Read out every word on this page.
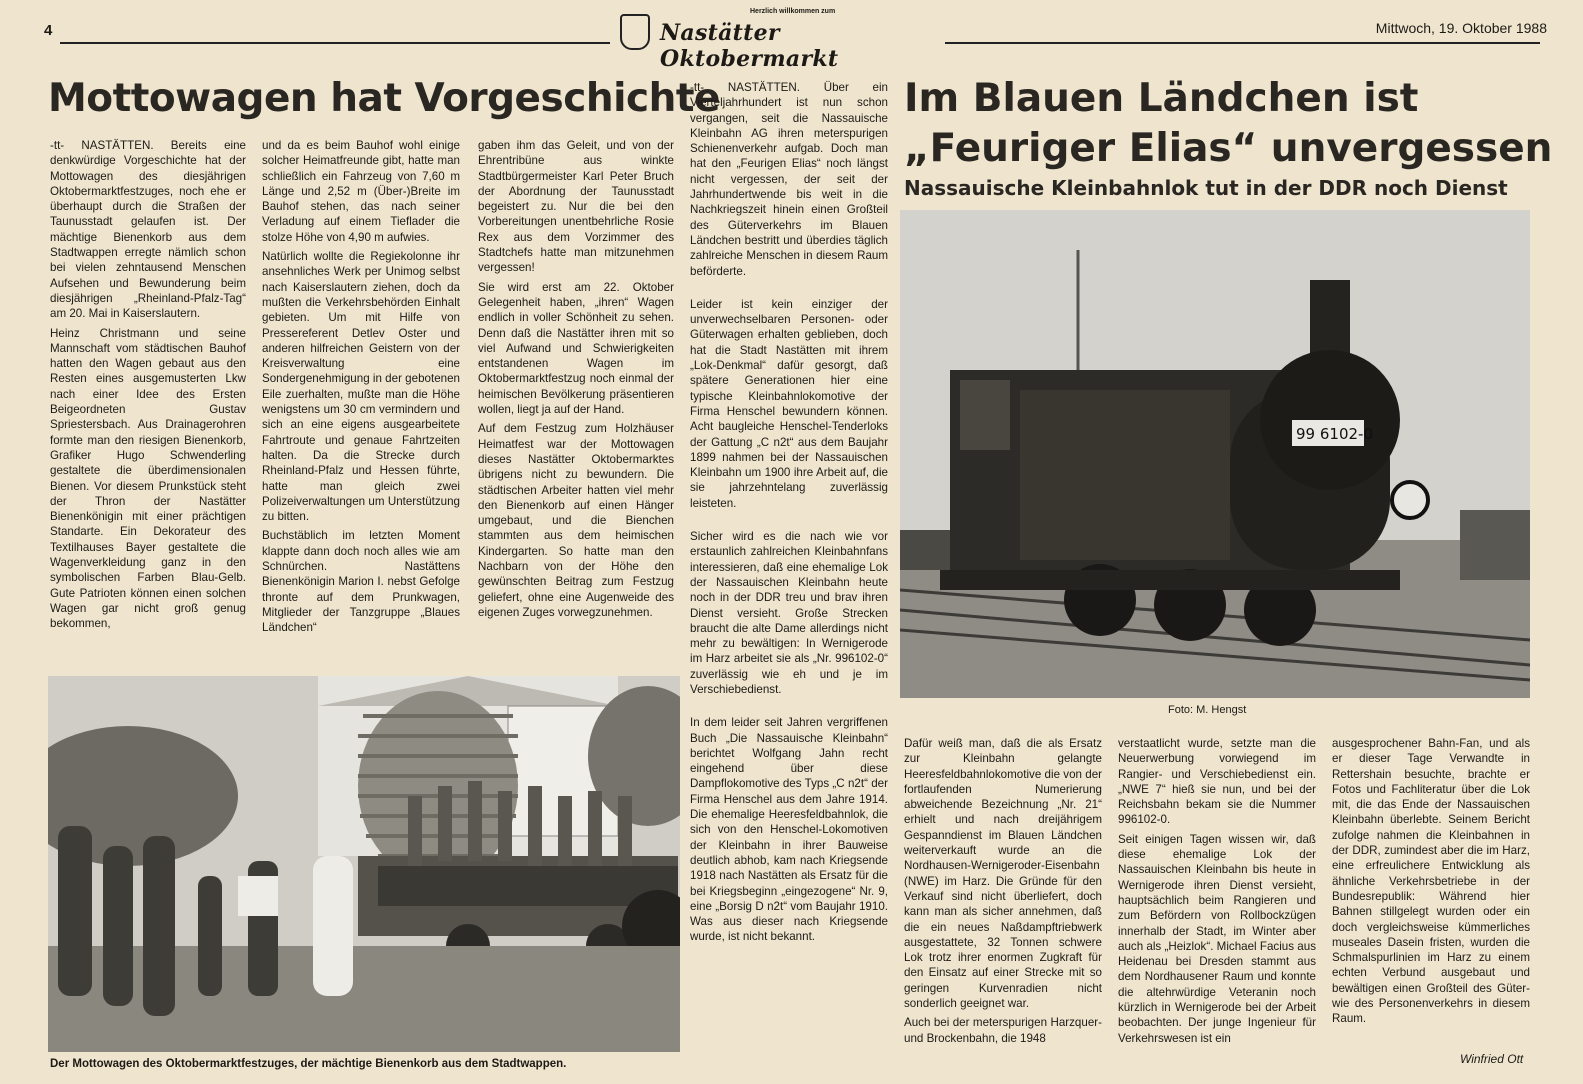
4
Herzlich willkommen zum
Nastätter Oktobermarkt
Mittwoch, 19. Oktober 1988
Mottowagen hat Vorgeschichte

-tt- NASTÄTTEN. Bereits eine denkwürdige Vorgeschichte hat der Mottowagen des diesjährigen Oktobermarktfestzuges, noch ehe er überhaupt durch die Straßen der Taunusstadt gelaufen ist. Der mächtige Bienenkorb aus dem Stadtwappen erregte nämlich schon bei vielen zehntausend Menschen Aufsehen und Bewunderung beim diesjährigen „Rheinland-Pfalz-Tag“ am 20. Mai in Kaiserslautern.

Heinz Christmann und seine Mannschaft vom städtischen Bauhof hatten den Wagen gebaut aus den Resten eines ausgemusterten Lkw nach einer Idee des Ersten Beigeordneten Gustav Spriestersbach. Aus Drainagerohren formte man den riesigen Bienenkorb, Grafiker Hugo Schwenderling gestaltete die überdimensionalen Bienen. Vor diesem Prunkstück steht der Thron der Nastätter Bienenkönigin mit einer prächtigen Standarte. Ein Dekorateur des Textilhauses Bayer gestaltete die Wagenverkleidung ganz in den symbolischen Farben Blau-Gelb. Gute Patrioten können einen solchen Wagen gar nicht groß genug bekommen,

und da es beim Bauhof wohl einige solcher Heimatfreunde gibt, hatte man schließlich ein Fahrzeug von 7,60 m Länge und 2,52 m (Über-)Breite im Bauhof stehen, das nach seiner Verladung auf einem Tieflader die stolze Höhe von 4,90 m aufwies.

Natürlich wollte die Regiekolonne ihr ansehnliches Werk per Unimog selbst nach Kaiserslautern ziehen, doch da mußten die Verkehrsbehörden Einhalt gebieten. Um mit Hilfe von Pressereferent Detlev Oster und anderen hilfreichen Geistern von der Kreisverwaltung eine Sondergenehmigung in der gebotenen Eile zuerhalten, mußte man die Höhe wenigstens um 30 cm vermindern und sich an eine eigens ausgearbeitete Fahrtroute und genaue Fahrtzeiten halten. Da die Strecke durch Rheinland-Pfalz und Hessen führte, hatte man gleich zwei Polizeiverwaltungen um Unterstützung zu bitten.

Buchstäblich im letzten Moment klappte dann doch noch alles wie am Schnürchen. Nastättens Bienenkönigin Marion I. nebst Gefolge thronte auf dem Prunkwagen, Mitglieder der Tanzgruppe „Blaues Ländchen“

gaben ihm das Geleit, und von der Ehrentribüne aus winkte Stadtbürgermeister Karl Peter Bruch der Abordnung der Taunusstadt begeistert zu. Nur die bei den Vorbereitungen unentbehrliche Rosie Rex aus dem Vorzimmer des Stadtchefs hatte man mitzunehmen vergessen!

Sie wird erst am 22. Oktober Gelegenheit haben, „ihren“ Wagen endlich in voller Schönheit zu sehen. Denn daß die Nastätter ihren mit so viel Aufwand und Schwierigkeiten entstandenen Wagen im Oktobermarktfestzug noch einmal der heimischen Bevölkerung präsentieren wollen, liegt ja auf der Hand.

Auf dem Festzug zum Holzhäuser Heimatfest war der Mottowagen dieses Nastätter Oktobermarktes übrigens nicht zu bewundern. Die städtischen Arbeiter hatten viel mehr den Bienenkorb auf einen Hänger umgebaut, und die Bienchen stammten aus dem heimischen Kindergarten. So hatte man den Nachbarn von der Höhe den gewünschten Beitrag zum Festzug geliefert, ohne eine Augenweide des eigenen Zuges vorwegzunehmen.

Der Mottowagen des Oktobermarktfestzuges, der mächtige Bienenkorb aus dem Stadtwappen.
Im Blauen Ländchen ist
„Feuriger Elias“ unvergessen
Nassauische Kleinbahnlok tut in der DDR noch Dienst

-tt- NASTÄTTEN. Über ein Vierteljahrhundert ist nun schon vergangen, seit die Nassauische Kleinbahn AG ihren meterspurigen Schienenverkehr aufgab. Doch man hat den „Feurigen Elias“ noch längst nicht vergessen, der seit der Jahrhundertwende bis weit in die Nachkriegszeit hinein einen Großteil des Güterverkehrs im Blauen Ländchen bestritt und überdies täglich zahlreiche Menschen in diesem Raum beförderte.

Leider ist kein einziger der unverwechselbaren Personen- oder Güterwagen erhalten geblieben, doch hat die Stadt Nastätten mit ihrem „Lok-Denkmal“ dafür gesorgt, daß spätere Generationen hier eine typische Kleinbahnlokomotive der Firma Henschel bewundern können. Acht baugleiche Henschel-Tenderloks der Gattung „C n2t“ aus dem Baujahr 1899 nahmen bei der Nassauischen Kleinbahn um 1900 ihre Arbeit auf, die sie jahrzehntelang zuverlässig leisteten.

Sicher wird es die nach wie vor erstaunlich zahlreichen Kleinbahnfans interessieren, daß eine ehemalige Lok der Nassauischen Kleinbahn heute noch in der DDR treu und brav ihren Dienst versieht. Große Strecken braucht die alte Dame allerdings nicht mehr zu bewältigen: In Wernigerode im Harz arbeitet sie als „Nr. 996102-0“ zuverlässig wie eh und je im Verschiebedienst.

In dem leider seit Jahren vergriffenen Buch „Die Nassauische Kleinbahn“ berichtet Wolfgang Jahn recht eingehend über diese Dampflokomotive des Typs „C n2t“ der Firma Henschel aus dem Jahre 1914. Die ehemalige Heeresfeldbahnlok, die sich von den Henschel-Lokomotiven der Kleinbahn in ihrer Bauweise deutlich abhob, kam nach Kriegsende 1918 nach Nastätten als Ersatz für die bei Kriegsbeginn „eingezogene“ Nr. 9, eine „Borsig D n2t“ vom Baujahr 1910. Was aus dieser nach Kriegsende wurde, ist nicht bekannt.

99 6102-0
Foto: M. Hengst

Dafür weiß man, daß die als Ersatz zur Kleinbahn gelangte Heeresfeldbahnlokomotive die von der fortlaufenden Numerierung abweichende Bezeichnung „Nr. 21“ erhielt und nach dreijährigem Gespanndienst im Blauen Ländchen weiterverkauft wurde an die Nordhausen-Wernigeroder-Eisenbahn (NWE) im Harz. Die Gründe für den Verkauf sind nicht überliefert, doch kann man als sicher annehmen, daß die ein neues Naßdampftriebwerk ausgestattete, 32 Tonnen schwere Lok trotz ihrer enormen Zugkraft für den Einsatz auf einer Strecke mit so geringen Kurvenradien nicht sonderlich geeignet war.

Auch bei der meterspurigen Harzquer- und Brockenbahn, die 1948

verstaatlicht wurde, setzte man die Neuerwerbung vorwiegend im Rangier- und Verschiebedienst ein. „NWE 7“ hieß sie nun, und bei der Reichsbahn bekam sie die Nummer 996102-0.

Seit einigen Tagen wissen wir, daß diese ehemalige Lok der Nassauischen Kleinbahn bis heute in Wernigerode ihren Dienst versieht, hauptsächlich beim Rangieren und zum Befördern von Rollbockzügen innerhalb der Stadt, im Winter aber auch als „Heizlok“. Michael Facius aus Heidenau bei Dresden stammt aus dem Nordhausener Raum und konnte die altehrwürdige Veteranin noch kürzlich in Wernigerode bei der Arbeit beobachten. Der junge Ingenieur für Verkehrswesen ist ein

ausgesprochener Bahn-Fan, und als er dieser Tage Verwandte in Rettershain besuchte, brachte er Fotos und Fachliteratur über die Lok mit, die das Ende der Nassauischen Kleinbahn überlebte. Seinem Bericht zufolge nahmen die Kleinbahnen in der DDR, zumindest aber die im Harz, eine erfreulichere Entwicklung als ähnliche Verkehrsbetriebe in der Bundesrepublik: Während hier Bahnen stillgelegt wurden oder ein doch vergleichsweise kümmerliches museales Dasein fristen, wurden die Schmalspurlinien im Harz zu einem echten Verbund ausgebaut und bewältigen einen Großteil des Güter- wie des Personenverkehrs in diesem Raum.

Winfried Ott
